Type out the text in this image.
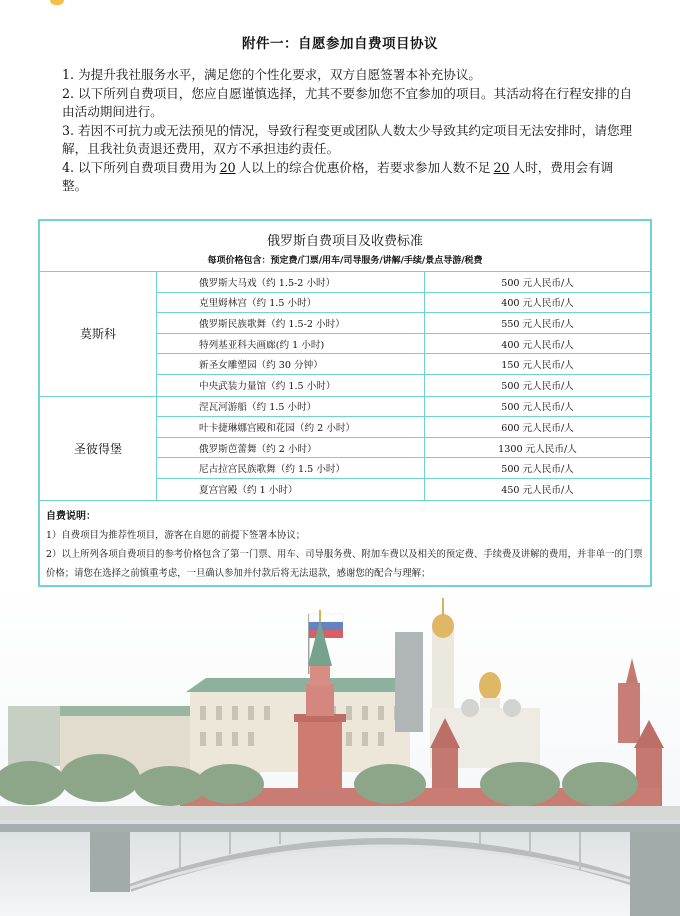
附件一：自愿参加自费项目协议

1. 为提升我社服务水平，满足您的个性化要求，双方自愿签署本补充协议。

2. 以下所列自费项目，您应自愿谨慎选择，尤其不要参加您不宜参加的项目。其活动将在行程安排的自由活动期间进行。

3. 若因不可抗力或无法预见的情况，导致行程变更或团队人数太少导致其约定项目无法安排时，请您理解，且我社负责退还费用，双方不承担违约责任。

4. 以下所列自费项目费用为 20 人以上的综合优惠价格，若要求参加人数不足 20 人时，费用会有调整。

俄罗斯自费项目及收费标准
每项价格包含：预定费/门票/用车/司导服务/讲解/手续/景点导游/税费
莫斯科
俄罗斯大马戏（约 1.5-2 小时）	500 元人民币/人
克里姆林宫（约 1.5 小时）	400 元人民币/人
俄罗斯民族歌舞（约 1.5-2 小时）	550 元人民币/人
特列基亚科夫画廊(约 1 小时)	400 元人民币/人
新圣女雕塑园（约 30 分钟）	150 元人民币/人
中央武装力量馆（约 1.5 小时）	500 元人民币/人
圣彼得堡
涅瓦河游船（约 1.5 小时）	500 元人民币/人
叶卡捷琳娜宫殿和花园（约 2 小时）	600 元人民币/人
俄罗斯芭蕾舞（约 2 小时）	1300 元人民币/人
尼古拉宫民族歌舞（约 1.5 小时）	500 元人民币/人
夏宫宫殿（约 1 小时）	450 元人民币/人
自费说明：
1）自费项目为推荐性项目，游客在自愿的前提下签署本协议；
2）以上所列各项自费项目的参考价格包含了第一门票、用车、司导服务费、附加车费以及相关的预定费、手续费及讲解的费用，并非单一的门票价格；请您在选择之前慎重考虑，一旦确认参加并付款后将无法退款，感谢您的配合与理解；
